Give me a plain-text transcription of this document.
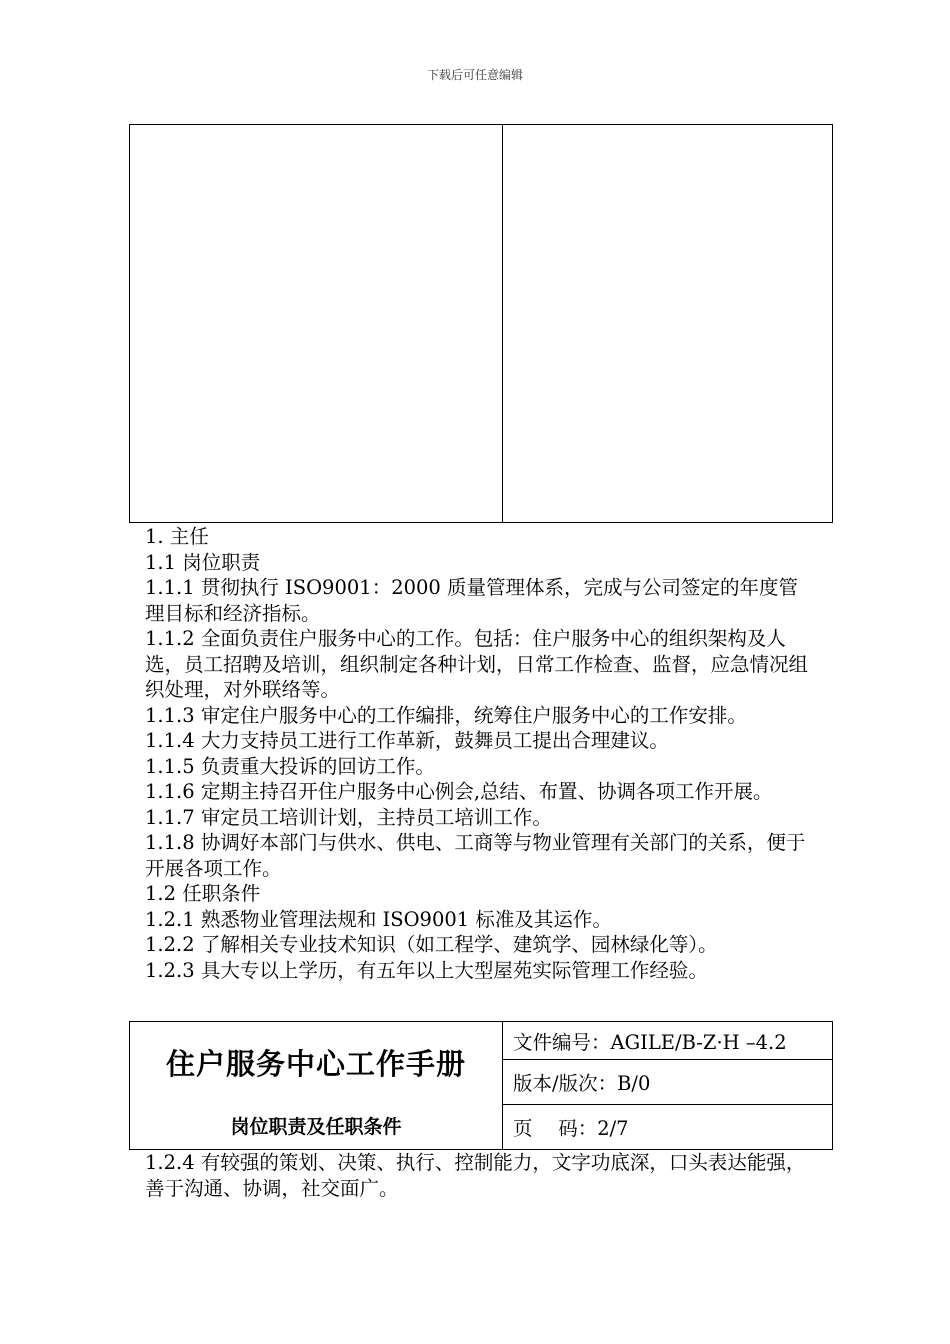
下载后可任意编辑

1. 主任

1.1 岗位职责

1.1.1 贯彻执行 ISO9001：2000 质量管理体系，完成与公司签定的年度管理目标和经济指标。

1.1.2 全面负责住户服务中心的工作。包括：住户服务中心的组织架构及人选，员工招聘及培训，组织制定各种计划，日常工作检查、监督，应急情况组织处理，对外联络等。

1.1.3 审定住户服务中心的工作编排，统筹住户服务中心的工作安排。

1.1.4 大力支持员工进行工作革新，鼓舞员工提出合理建议。

1.1.5 负责重大投诉的回访工作。

1.1.6 定期主持召开住户服务中心例会,总结、布置、协调各项工作开展。

1.1.7 审定员工培训计划，主持员工培训工作。

1.1.8 协调好本部门与供水、供电、工商等与物业管理有关部门的关系，便于开展各项工作。

1.2 任职条件

1.2.1 熟悉物业管理法规和 ISO9001 标准及其运作。

1.2.2 了解相关专业技术知识（如工程学、建筑学、园林绿化等）。

1.2.3 具大专以上学历，有五年以上大型屋苑实际管理工作经验。

住户服务中心工作手册
岗位职责及任职条件
	文件编号：AGILE/B-Z·H –4.2
版本/版次：B/0
页　 码：2/7

1.2.4 有较强的策划、决策、执行、控制能力，文字功底深，口头表达能强，善于沟通、协调，社交面广。
